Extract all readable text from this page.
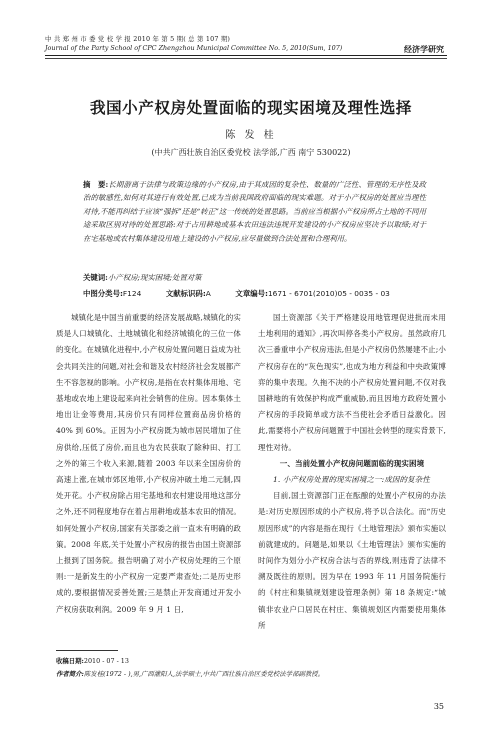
中 共 郑 州 市 委 党 校 学 报 2010 年 第 5 期( 总 第 107 期)
Journal of the Party School of CPC Zhengzhou Municipal Committee No. 5, 2010(Sum, 107)	经济学研究
我国小产权房处置面临的现实困境及理性选择
陈 发 桂
(中共广西壮族自治区委党校 法学部,广西 南宁 530022)
摘　要:长期游离于法律与政策边缘的小产权房,由于其成因的复杂性、数量的广泛性、管理的无序性及政治的敏感性,如何对其进行有效处置,已成为当前我国政府面临的现实难题。对于小产权房的处置应当理性对待,不能再纠结于应该“强拆”还是“转正”这一传统的处置思路。当前应当根据小产权房所占土地的不同用途采取区别对待的处置思路:对于占用耕地或基本农田违法违规开发建设的小产权房应坚决予以取缔;对于在宅基地或农村集体建设用地上建设的小产权房,应尽量做到合法处置和合理利用。
关键词:小产权房;现实困境;处置对策
中图分类号:F124	文献标识码:A	文章编号:1671 - 6701(2010)05 - 0035 - 03

城镇化是中国当前重要的经济发展战略,城镇化的实质是人口城镇化、土地城镇化和经济城镇化的三位一体的变化。在城镇化进程中,小产权房处置问题日益成为社会共同关注的问题,对社会和谐及农村经济社会发展都产生不容忽视的影响。小产权房,是指在农村集体用地、宅基地或农地上建设起来向社会销售的住房。因本集体土地出让金等费用,其房价只有同样位置商品房价格的 40% 到 60%。正因为小产权房既为城市居民增加了住房供给,压低了房价,而且也为农民获取了除种田、打工之外的第三个收入来源,随着 2003 年以来全国房价的高速上涨,在城市郊区地带,小产权房冲破土地二元制,四处开花。小产权房除占用宅基地和农村建设用地这部分之外,还不同程度地存在着占用耕地或基本农田的情况。如何处置小产权房,国家有关部委之前一直未有明确的政策。2008 年底,关于处置小产权房的报告由国土资源部上报到了国务院。报告明确了对小产权房处理的三个原则:一是新发生的小产权房一定要严肃查处;二是历史形成的,要根据情况妥善处置;三是禁止开发商通过开发小产权房获取利润。2009 年 9 月 1 日,

国土资源部《关于严格建设用地管理促进批而未用土地利用的通知》,再次叫停各类小产权房。虽然政府几次三番重申小产权房违法,但是小产权房仍然屡建不止;小产权房存在的“灰色现实”,也成为地方利益和中央政策博弈的集中表现。久拖不决的小产权房处置问题,不仅对我国耕地的有效保护构成严重威胁,而且因地方政府处置小产权房的手段简单或方法不当使社会矛盾日益激化。因此,需要将小产权房问题置于中国社会转型的现实背景下,理性对待。

一、当前处置小产权房问题面临的现实困境
1. 小产权房处置的现实困境之一:成因的复杂性

目前,国土资源部门正在酝酿的处置小产权房的办法是:对历史原因形成的小产权房,将予以合法化。而“历史原因形成”的内容是指在现行《土地管理法》颁布实施以前就建成的。问题是,如果以《土地管理法》颁布实施的时间作为划分小产权房合法与否的界线,则违背了法律不溯及既往的原则。因为早在 1993 年 11 月国务院施行的《村庄和集镇规划建设管理条例》第 18 条规定:“城镇非农业户口居民在村庄、集镇规划区内需要使用集体所

收稿日期:2010 - 07 - 13
作者简介:陈发桂(1972 - ),男,广西灌阳人,法学硕士,中共广西壮族自治区委党校法学部副教授。
35
